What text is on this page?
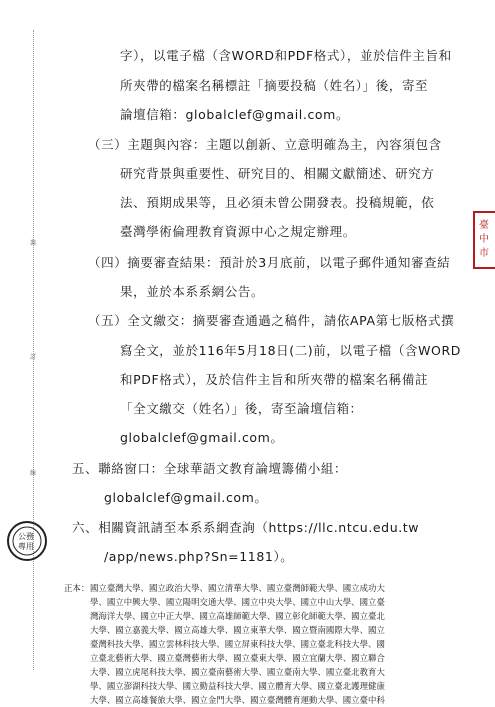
裝
訂
線
字），以電子檔（含WORD和PDF格式），並於信件主旨和
所夾帶的檔案名稱標註「摘要投稿（姓名）」後，寄至
論壇信箱：globalclef@gmail.com。
（三）主題與內容：主題以創新、立意明確為主，內容須包含
研究背景與重要性、研究目的、相關文獻簡述、研究方
法、預期成果等，且必須未曾公開發表。投稿規範，依
臺灣學術倫理教育資源中心之規定辦理。
（四）摘要審查結果：預計於3月底前，以電子郵件通知審查結
果，並於本系系網公告。
（五）全文繳交：摘要審查通過之稿件，請依APA第七版格式撰
寫全文，並於116年5月18日(二)前，以電子檔（含WORD
和PDF格式），及於信件主旨和所夾帶的檔案名稱備註
「全文繳交（姓名）」後，寄至論壇信箱：
globalclef@gmail.com。
五、聯絡窗口：全球華語文教育論壇籌備小組：
globalclef@gmail.com。
六、相關資訊請至本系系網查詢（https://llc.ntcu.edu.tw
/app/news.php?Sn=1181）。
正本： 國立臺灣大學、國立政治大學、國立清華大學、國立臺灣師範大學、國立成功大
學、國立中興大學、國立陽明交通大學、國立中央大學、國立中山大學、國立臺
灣海洋大學、國立中正大學、國立高雄師範大學、國立彰化師範大學、國立臺北
大學、國立嘉義大學、國立高雄大學、國立東華大學、國立暨南國際大學、國立
臺灣科技大學、國立雲林科技大學、國立屏東科技大學、國立臺北科技大學、國
立臺北藝術大學、國立臺灣藝術大學、國立臺東大學、國立宜蘭大學、國立聯合
大學、國立虎尾科技大學、國立臺南藝術大學、國立臺南大學、國立臺北教育大
學、國立澎湖科技大學、國立勤益科技大學、國立體育大學、國立臺北護理健康
大學、國立高雄餐旅大學、國立金門大學、國立臺灣體育運動大學、國立臺中科
臺
中
市
公務
專用
